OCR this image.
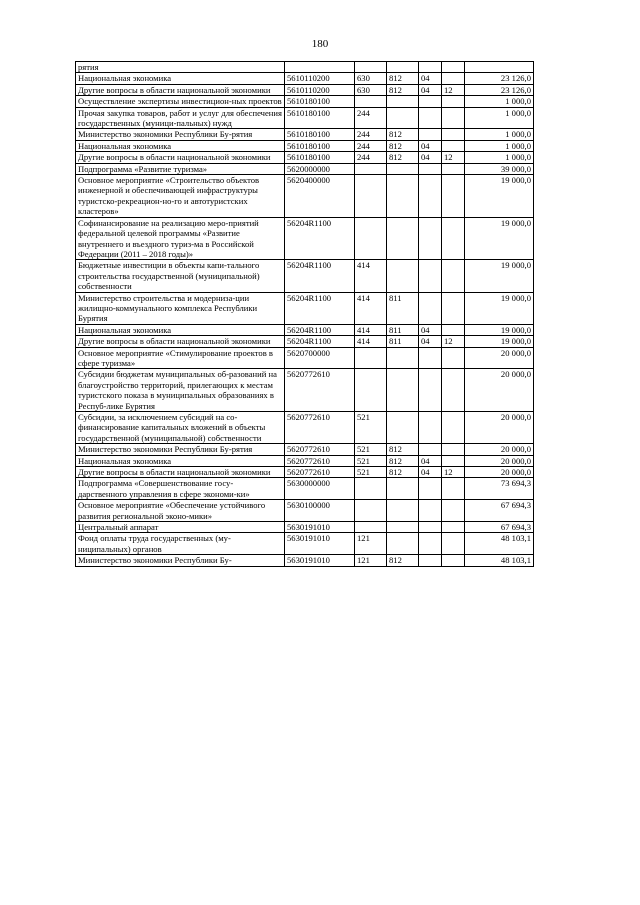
180
рятия						
Национальная экономика	5610110200	630	812	04		23 126,0
Другие вопросы в области национальной экономики	5610110200	630	812	04	12	23 126,0
Осуществление экспертизы инвестицион-ных проектов	5610180100					1 000,0
Прочая закупка товаров, работ и услуг для обеспечения государственных (муници-пальных) нужд	5610180100	244				1 000,0
Министерство экономики Республики Бу-рятия	5610180100	244	812			1 000,0
Национальная экономика	5610180100	244	812	04		1 000,0
Другие вопросы в области национальной экономики	5610180100	244	812	04	12	1 000,0
Подпрограмма «Развитие туризма»	5620000000					39 000,0
Основное мероприятие «Строительство объектов инженерной и обеспечивающей инфраструктуры туристско-рекреацион-но-го и автотуристских кластеров»	5620400000					19 000,0
Софинансирование на реализацию меро-приятий федеральной целевой программы «Развитие внутреннего и въездного туриз-ма в Российской Федерации (2011 – 2018 годы)»	56204R1100					19 000,0
Бюджетные инвестиции в объекты капи-тального строительства государственной (муниципальной) собственности	56204R1100	414				19 000,0
Министерство строительства и модерниза-ции жилищно-коммунального комплекса Республики Бурятия	56204R1100	414	811			19 000,0
Национальная экономика	56204R1100	414	811	04		19 000,0
Другие вопросы в области национальной экономики	56204R1100	414	811	04	12	19 000,0
Основное мероприятие «Стимулирование проектов в сфере туризма»	5620700000					20 000,0
Субсидии бюджетам муниципальных об-разований на благоустройство территорий, прилегающих к местам туристского показа в муниципальных образованиях в Респуб-лике Бурятия	5620772610					20 000,0
Субсидии, за исключением субсидий на со-финансирование капитальных вложений в объекты государственной (муниципальной) собственности	5620772610	521				20 000,0
Министерство экономики Республики Бу-рятия	5620772610	521	812			20 000,0
Национальная экономика	5620772610	521	812	04		20 000,0
Другие вопросы в области национальной экономики	5620772610	521	812	04	12	20 000,0
Подпрограмма «Совершенствование госу-дарственного управления в сфере экономи-ки»	5630000000					73 694,3
Основное мероприятие «Обеспечение устойчивого развития региональной эконо-мики»	5630100000					67 694,3
Центральный аппарат	5630191010					67 694,3
Фонд оплаты труда государственных (му-ниципальных) органов	5630191010	121				48 103,1
Министерство экономики Республики Бу-	5630191010	121	812			48 103,1
